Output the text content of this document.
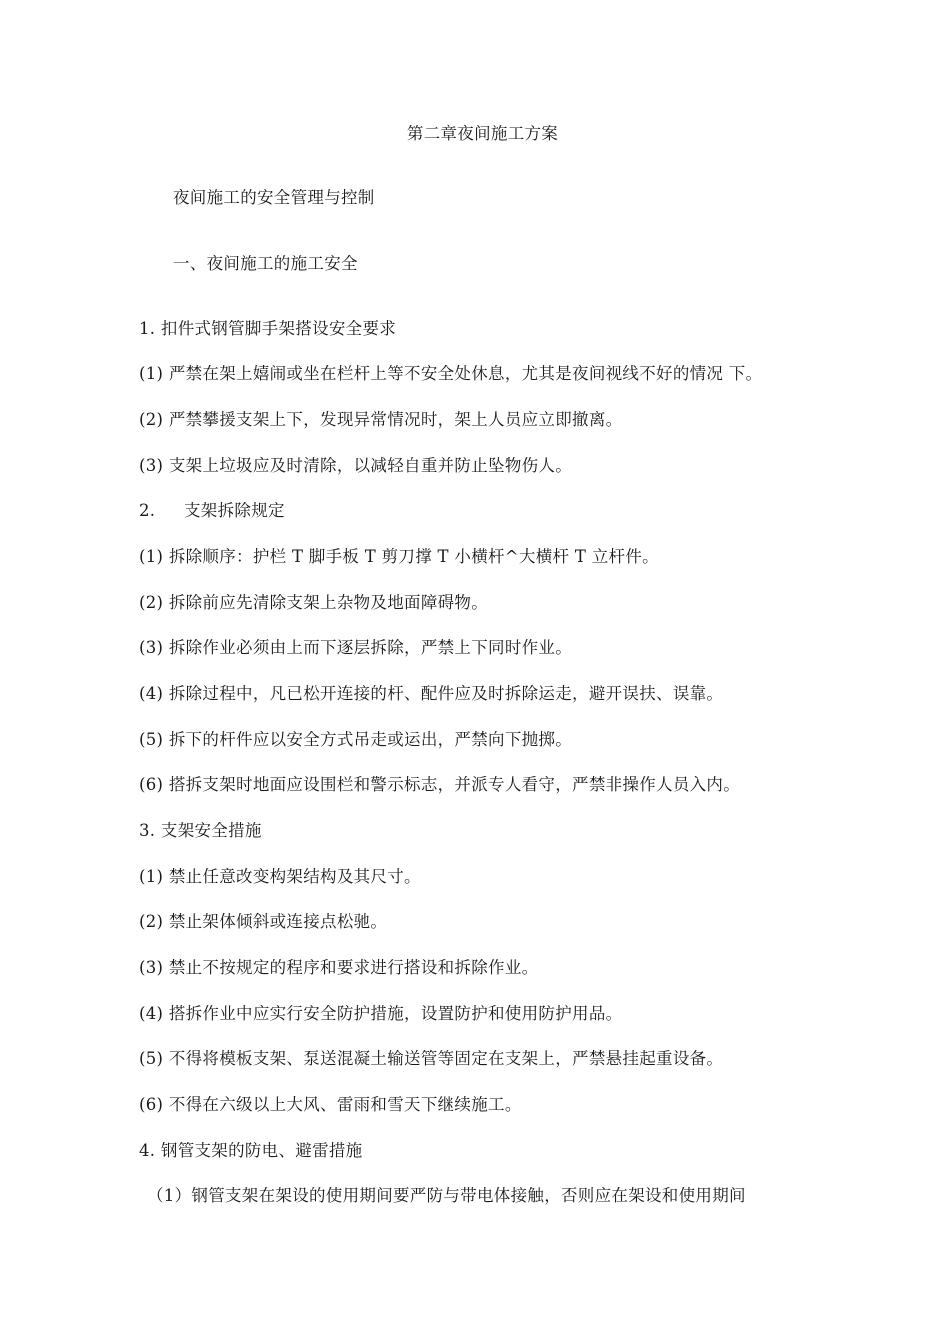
第二章夜间施工方案
夜间施工的安全管理与控制
一、夜间施工的施工安全
1. 扣件式钢管脚手架搭设安全要求
(1) 严禁在架上嬉闹或坐在栏杆上等不安全处休息，尤其是夜间视线不好的情况 下。
(2) 严禁攀援支架上下，发现异常情况时，架上人员应立即撤离。
(3) 支架上垃圾应及时清除，以减轻自重并防止坠物伤人。
2. 支架拆除规定
(1) 拆除顺序：护栏 T 脚手板 T 剪刀撑 T 小横杆^大横杆 T 立杆件。
(2) 拆除前应先清除支架上杂物及地面障碍物。
(3) 拆除作业必须由上而下逐层拆除，严禁上下同时作业。
(4) 拆除过程中，凡已松开连接的杆、配件应及时拆除运走，避开误扶、误靠。
(5) 拆下的杆件应以安全方式吊走或运出，严禁向下抛掷。
(6) 搭拆支架时地面应设围栏和警示标志，并派专人看守，严禁非操作人员入内。
3. 支架安全措施
(1) 禁止任意改变构架结构及其尺寸。
(2) 禁止架体倾斜或连接点松驰。
(3) 禁止不按规定的程序和要求进行搭设和拆除作业。
(4) 搭拆作业中应实行安全防护措施，设置防护和使用防护用品。
(5) 不得将模板支架、泵送混凝土输送管等固定在支架上，严禁悬挂起重设备。
(6) 不得在六级以上大风、雷雨和雪天下继续施工。
4. 钢管支架的防电、避雷措施
（1）钢管支架在架设的使用期间要严防与带电体接触，否则应在架设和使用期间
